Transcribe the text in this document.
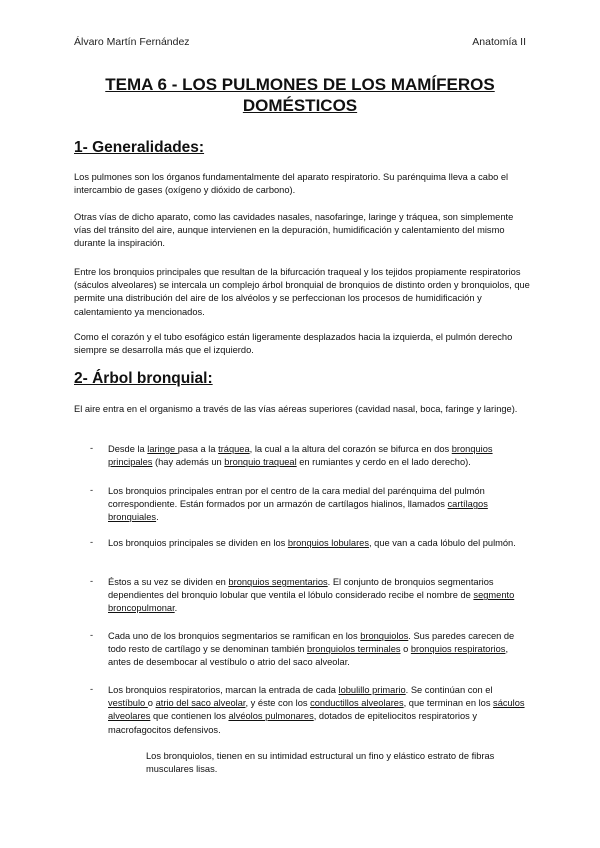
Álvaro Martín Fernández	Anatomía II
TEMA 6 - LOS PULMONES DE LOS MAMÍFEROS DOMÉSTICOS
1- Generalidades:
Los pulmones son los órganos fundamentalmente del aparato respiratorio. Su parénquima lleva a cabo el intercambio de gases (oxígeno y dióxido de carbono).
Otras vías de dicho aparato, como las cavidades nasales, nasofaringe, laringe y tráquea, son simplemente vías del tránsito del aire, aunque intervienen en la depuración, humidificación y calentamiento del mismo durante la inspiración.
Entre los bronquios principales que resultan de la bifurcación traqueal y los tejidos propiamente respiratorios (sáculos alveolares) se intercala un complejo árbol bronquial de bronquios de distinto orden y bronquiolos, que permite una distribución del aire de los alvéolos y se perfeccionan los procesos de humidificación y calentamiento ya mencionados.
Como el corazón y el tubo esofágico están ligeramente desplazados hacia la izquierda, el pulmón derecho siempre se desarrolla más que el izquierdo.
2- Árbol bronquial:
El aire entra en el organismo a través de las vías aéreas superiores (cavidad nasal, boca, faringe y laringe).
- Desde la laringe pasa a la tráquea, la cual a la altura del corazón se bifurca en dos bronquios principales (hay además un bronquio traqueal en rumiantes y cerdo en el lado derecho).
- Los bronquios principales entran por el centro de la cara medial del parénquima del pulmón correspondiente. Están formados por un armazón de cartílagos hialinos, llamados cartílagos bronquiales.
- Los bronquios principales se dividen en los bronquios lobulares, que van a cada lóbulo del pulmón.
- Éstos a su vez se dividen en bronquios segmentarios. El conjunto de bronquios segmentarios dependientes del bronquio lobular que ventila el lóbulo considerado recibe el nombre de segmento broncopulmonar.
- Cada uno de los bronquios segmentarios se ramifican en los bronquiolos. Sus paredes carecen de todo resto de cartílago y se denominan también bronquiolos terminales o bronquios respiratorios, antes de desembocar al vestíbulo o atrio del saco alveolar.
- Los bronquios respiratorios, marcan la entrada de cada lobulillo primario. Se continúan con el vestíbulo o atrio del saco alveolar, y éste con los conductillos alveolares, que terminan en los sáculos alveolares que contienen los alvéolos pulmonares, dotados de epiteliocitos respiratorios y macrofagocitos defensivos.
Los bronquiolos, tienen en su intimidad estructural un fino y elástico estrato de fibras musculares lisas.
